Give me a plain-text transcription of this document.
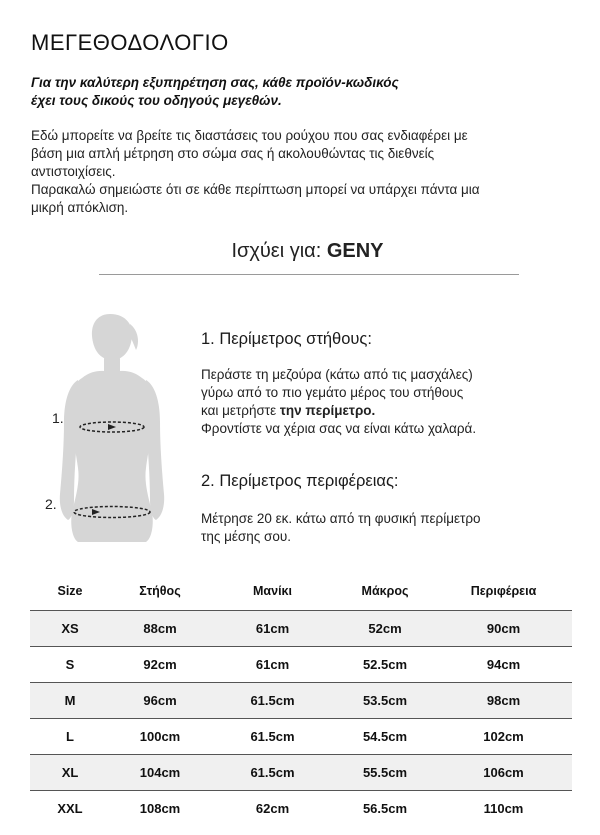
ΜΕΓΕΘΟΔΟΛΟΓΙΟ
Για την καλύτερη εξυπηρέτηση σας, κάθε προϊόν-κωδικός
έχει τους δικούς του οδηγούς μεγεθών.

Εδώ μπορείτε να βρείτε τις διαστάσεις του ρούχου που σας ενδιαφέρει με
βάση μια απλή μέτρηση στο σώμα σας ή ακολουθώντας τις διεθνείς
αντιστοιχίσεις.

Παρακαλώ σημειώστε ότι σε κάθε περίπτωση μπορεί να υπάρχει πάντα μια
μικρή απόκλιση.

Ισχύει για: GENY
1.
2.
1. Περίμετρος στήθους:
Περάστε τη μεζούρα (κάτω από τις μασχάλες)
γύρω από το πιο γεμάτο μέρος του στήθους
και μετρήστε την περίμετρο.
Φροντίστε να χέρια σας να είναι κάτω χαλαρά.
2. Περίμετρος περιφέρειας:
Μέτρησε 20 εκ. κάτω από τη φυσική περίμετρο
της μέσης σου.
Size	Στήθος	Μανίκι	Μάκρος	Περιφέρεια
XS	88cm	61cm	52cm	90cm
S	92cm	61cm	52.5cm	94cm
M	96cm	61.5cm	53.5cm	98cm
L	100cm	61.5cm	54.5cm	102cm
XL	104cm	61.5cm	55.5cm	106cm
XXL	108cm	62cm	56.5cm	110cm
